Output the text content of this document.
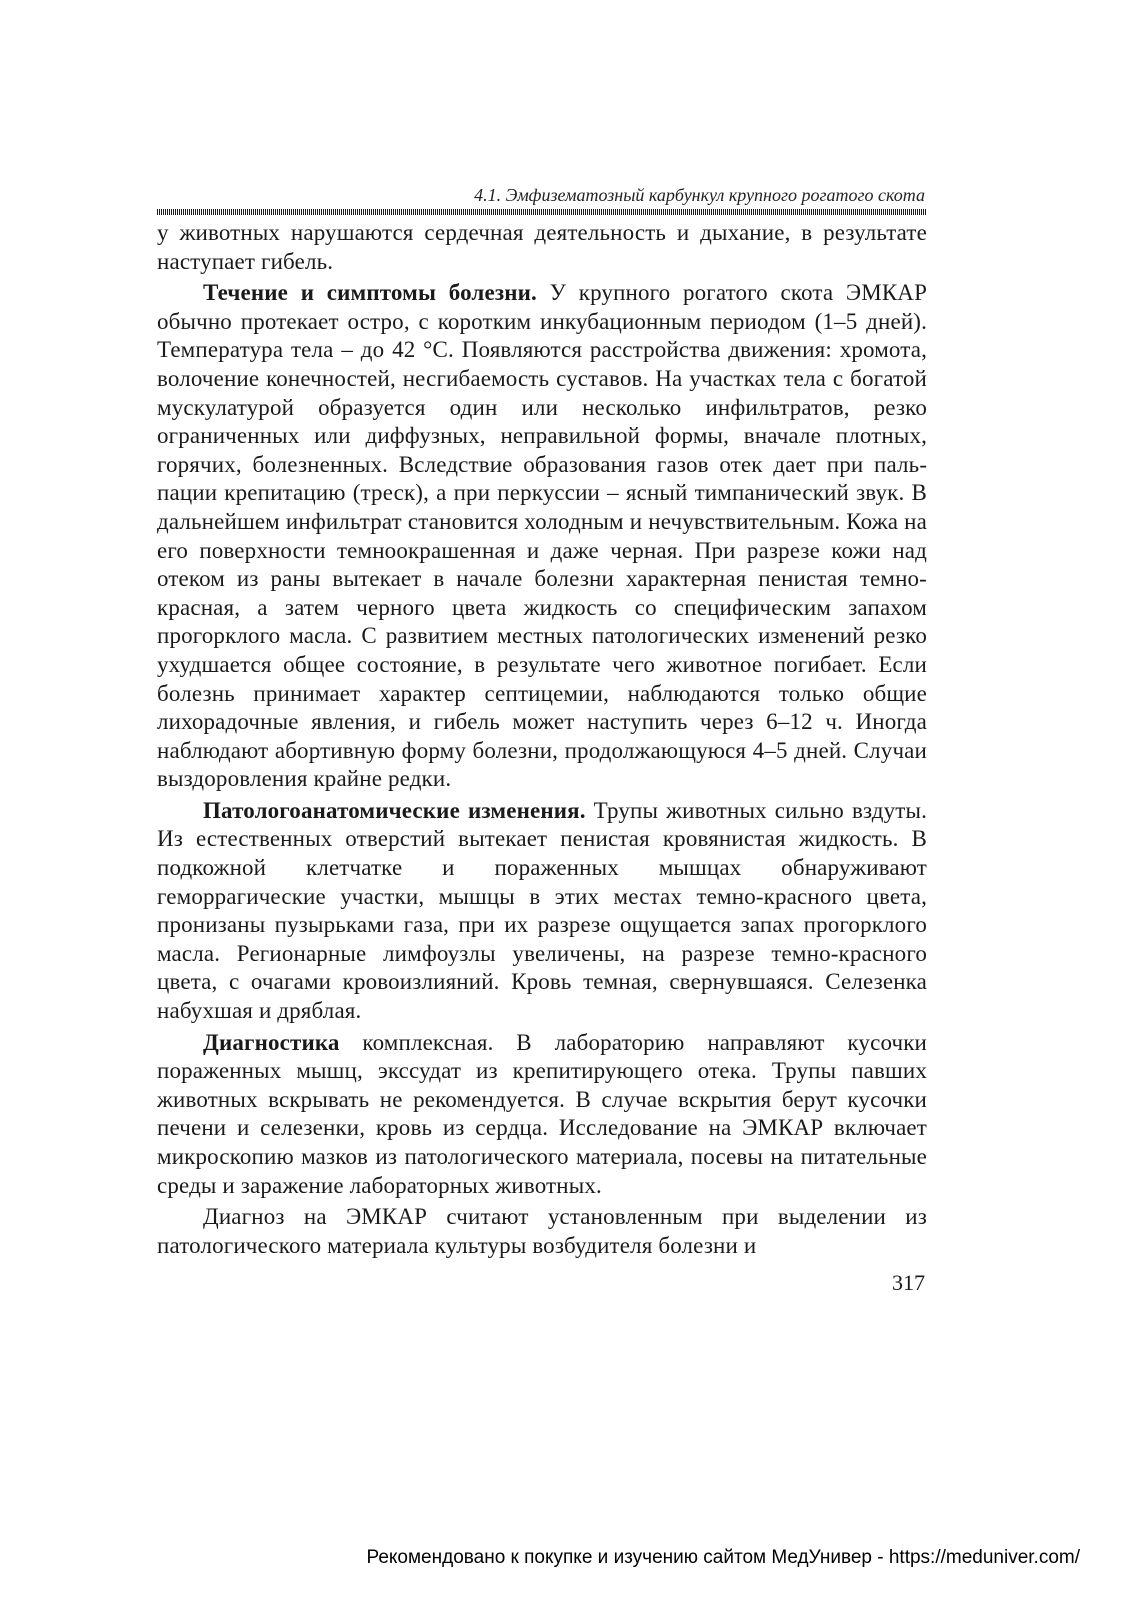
4.1. Эмфизематозный карбункул крупного рогатого скота

у животных нарушаются сердечная деятельность и дыхание, в результате наступает гибель.

Течение и симптомы болезни. У крупного рогатого скота ЭМКАР обычно протекает остро, с коротким инкубационным периодом (1–5 дней). Температура тела – до 42 °С. Появляются расстройства движения: хромота, волочение конечностей, несгибаемость суставов. На участках тела с богатой мускулатурой образуется один или несколько инфильтратов, резко ограниченных или диффузных, неправильной формы, вначале плотных, горячих, болезненных. Вследствие образования газов отек дает при пальпации крепитацию (треск), а при перкуссии – ясный тимпанический звук. В дальнейшем инфильтрат становится холодным и нечувствительным. Кожа на его поверхности темноокрашенная и даже черная. При разрезе кожи над отеком из раны вытекает в начале болезни характерная пенистая темно-красная, а затем черного цвета жидкость со специфическим запахом прогорклого масла. С развитием местных патологических изменений резко ухудшается общее состояние, в результате чего животное погибает. Если болезнь принимает характер септицемии, наблюдаются только общие лихорадочные явления, и гибель может наступить через 6–12 ч. Иногда наблюдают абортивную форму болезни, продолжающуюся 4–5 дней. Случаи выздоровления крайне редки.

Патологоанатомические изменения. Трупы животных сильно вздуты. Из естественных отверстий вытекает пенистая кровянистая жидкость. В подкожной клетчатке и пораженных мышцах обнаруживают геморрагические участки, мышцы в этих местах темно-красного цвета, пронизаны пузырьками газа, при их разрезе ощущается запах прогорклого масла. Регионарные лимфоузлы увеличены, на разрезе темно-красного цвета, с очагами кровоизлияний. Кровь темная, свернувшаяся. Селезенка набухшая и дряблая.

Диагностика комплексная. В лабораторию направляют кусочки пораженных мышц, экссудат из крепитирующего отека. Трупы павших животных вскрывать не рекомендуется. В случае вскрытия берут кусочки печени и селезенки, кровь из сердца. Исследование на ЭМКАР включает микроскопию мазков из патологического материала, посевы на питательные среды и заражение лабораторных животных.

Диагноз на ЭМКАР считают установленным при выделении из патологического материала культуры возбудителя болезни и

317
Рекомендовано к покупке и изучению сайтом МедУнивер - https://meduniver.com/
